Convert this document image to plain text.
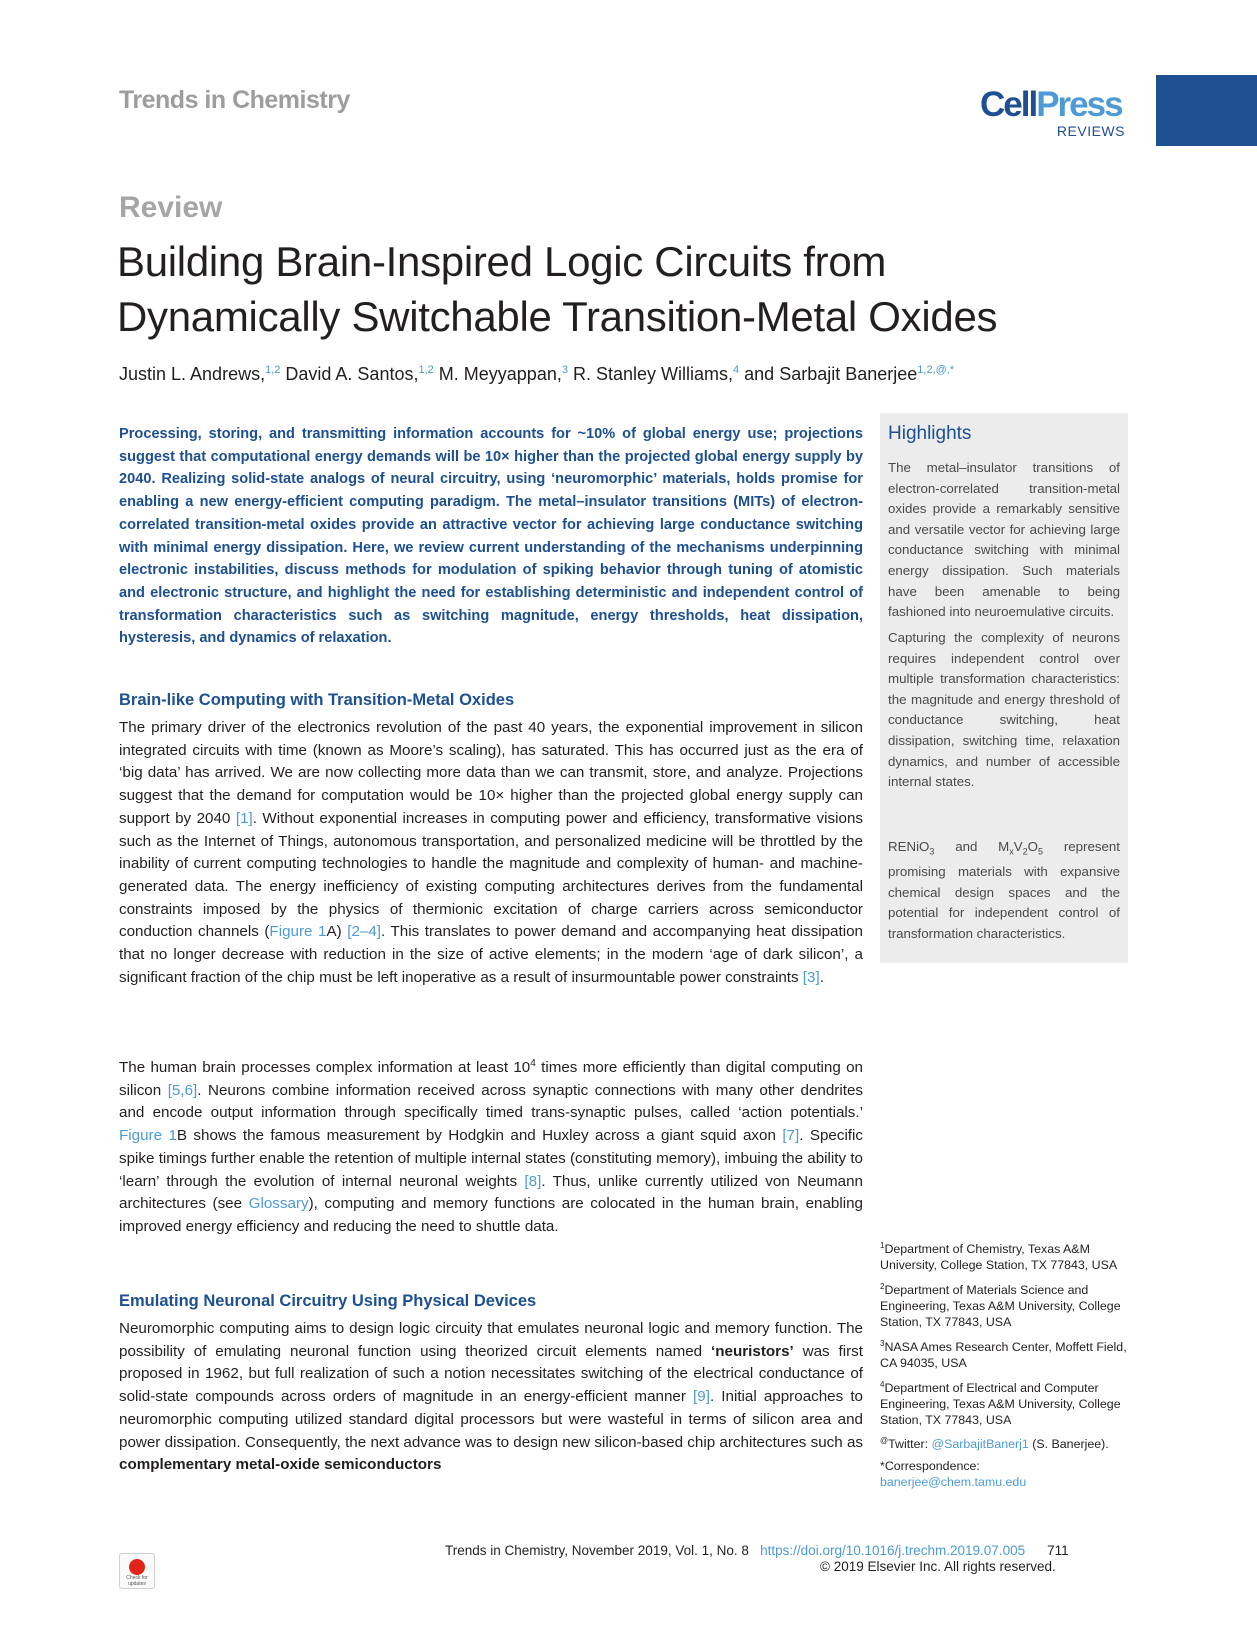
Trends in Chemistry	CellPress
REVIEWS
Review
Building Brain-Inspired Logic Circuits from Dynamically Switchable Transition-Metal Oxides
Justin L. Andrews,$^{1,2}$ David A. Santos,$^{1,2}$ M. Meyyappan,$^3$ R. Stanley Williams,$^4$ and Sarbajit Banerjee$^{1,2,@,*}$
Processing, storing, and transmitting information accounts for ~10% of global energy use; projections suggest that computational energy demands will be 10× higher than the projected global energy supply by 2040. Realizing solid-state analogs of neural circuitry, using ‘neuromorphic’ materials, holds promise for enabling a new energy-efficient computing paradigm. The metal–insulator transitions (MITs) of electron-correlated transition-metal oxides provide an attractive vector for achieving large conductance switching with minimal energy dissipation. Here, we review current understanding of the mechanisms underpinning electronic instabilities, discuss methods for modulation of spiking behavior through tuning of atomistic and electronic structure, and highlight the need for establishing deterministic and independent control of transformation characteristics such as switching magnitude, energy thresholds, heat dissipation, hysteresis, and dynamics of relaxation.
Brain-like Computing with Transition-Metal Oxides
The primary driver of the electronics revolution of the past 40 years, the exponential improvement in silicon integrated circuits with time (known as Moore’s scaling), has saturated. This has occurred just as the era of ‘big data’ has arrived. We are now collecting more data than we can transmit, store, and analyze. Projections suggest that the demand for computation would be 10× higher than the projected global energy supply can support by 2040 [1]. Without exponential increases in computing power and efficiency, transformative visions such as the Internet of Things, autonomous transportation, and personalized medicine will be throttled by the inability of current computing technologies to handle the magnitude and complexity of human- and machine-generated data. The energy inefficiency of existing computing architectures derives from the fundamental constraints imposed by the physics of thermionic excitation of charge carriers across semiconductor conduction channels (Figure 1A) [2–4]. This translates to power demand and accompanying heat dissipation that no longer decrease with reduction in the size of active elements; in the modern ‘age of dark silicon’, a significant fraction of the chip must be left inoperative as a result of insurmountable power constraints [3].
The human brain processes complex information at least $10^4$ times more efficiently than digital computing on silicon [5,6]. Neurons combine information received across synaptic connections with many other dendrites and encode output information through specifically timed trans-synaptic pulses, called ‘action potentials.’ Figure 1B shows the famous measurement by Hodgkin and Huxley across a giant squid axon [7]. Specific spike timings further enable the retention of multiple internal states (constituting memory), imbuing the ability to ‘learn’ through the evolution of internal neuronal weights [8]. Thus, unlike currently utilized von Neumann architectures (see Glossary), computing and memory functions are colocated in the human brain, enabling improved energy efficiency and reducing the need to shuttle data.
Emulating Neuronal Circuitry Using Physical Devices
Neuromorphic computing aims to design logic circuity that emulates neuronal logic and memory function. The possibility of emulating neuronal function using theorized circuit elements named ‘neuristors’ was first proposed in 1962, but full realization of such a notion necessitates switching of the electrical conductance of solid-state compounds across orders of magnitude in an energy-efficient manner [9]. Initial approaches to neuromorphic computing utilized standard digital processors but were wasteful in terms of silicon area and power dissipation. Consequently, the next advance was to design new silicon-based chip architectures such as complementary metal-oxide semiconductors
Highlights
The metal–insulator transitions of electron-correlated transition-metal oxides provide a remarkably sensitive and versatile vector for achieving large conductance switching with minimal energy dissipation. Such materials have been amenable to being fashioned into neuroemulative circuits.
Capturing the complexity of neurons requires independent control over multiple transformation characteristics: the magnitude and energy threshold of conductance switching, heat dissipation, switching time, relaxation dynamics, and number of accessible internal states.
RENiO$_3$ and $M_xV_2O_5$ represent promising materials with expansive chemical design spaces and the potential for independent control of transformation characteristics.
$^1$Department of Chemistry, Texas A&M University, College Station, TX 77843, USA
$^2$Department of Materials Science and Engineering, Texas A&M University, College Station, TX 77843, USA
$^3$NASA Ames Research Center, Moffett Field, CA 94035, USA
$^4$Department of Electrical and Computer Engineering, Texas A&M University, College Station, TX 77843, USA
@Twitter: @SarbajitBanerj1 (S. Banerjee).
*Correspondence:
banerjee@chem.tamu.edu
Check for updates
Trends in Chemistry, November 2019, Vol. 1, No. 8 https://doi.org/10.1016/j.trechm.2019.07.005 711
© 2019 Elsevier Inc. All rights reserved.
